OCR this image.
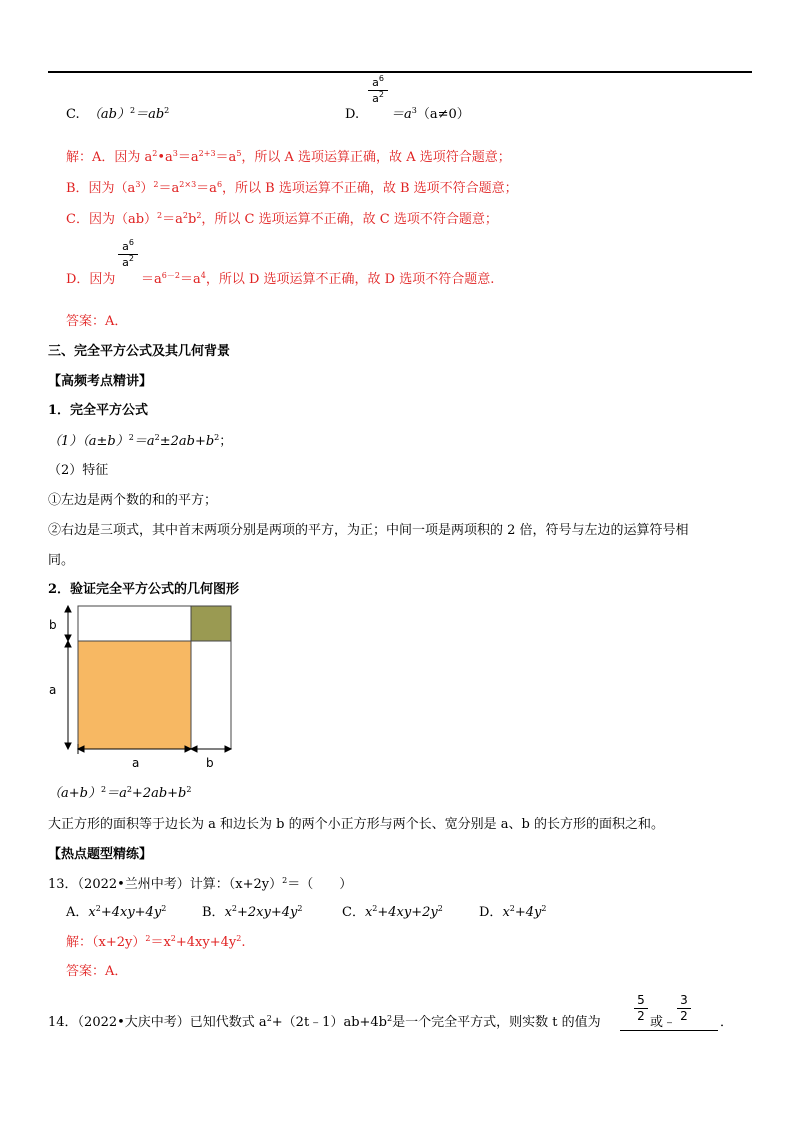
C. $(ab)^2=ab^2$	D.
$a^6$
$a^2$
$=a^3(a\ne 0)$
解：A．因为 $a^2•a^3=a^{2+3}=a^5$，所以 A 选项运算正确，故 A 选项符合题意；
B．因为$(a^3)^2=a^{2\times 3}=a^6$，所以 B 选项运算不正确，故 B 选项不符合题意；
C．因为$(ab)^2=a^2b^2$，所以 C 选项运算不正确，故 C 选项不符合题意；
D．因为
$a^6$
$a^2$
$=a^{6-2}=a^4$，所以 D 选项运算不正确，故 D 选项不符合题意.
答案：A．
三、完全平方公式及其几何背景
【高频考点精讲】
1．完全平方公式
$(1)(a\pm b)^2=a^2\pm 2ab+b^2$；
（2）特征
①左边是两个数的和的平方；
②右边是三项式，其中首末两项分别是两项的平方，为正；中间一项是两项积的 2 倍，符号与左边的运算符号相
同。
2．验证完全平方公式的几何图形
b
a
a	b
$(a+b)^2=a^2+2ab+b^2$
大正方形的面积等于边长为 a 和边长为 b 的两个小正方形与两个长、宽分别是 a、b 的长方形的面积之和。
【热点题型精练】
13．（2022•兰州中考）计算：$(x+2y)^2=$（　　）
A．$x^2+4xy+4y^2$	B．$x^2+2xy+4y^2$	C．$x^2+4xy+2y^2$	D．$x^2+4y^2$
解：$(x+2y)^2=x^2+4xy+4y^2$.
答案：A．
14．（2022•大庆中考）已知代数式 $a^2+(2t﹣1)ab+4b^2$是一个完全平方式，则实数 t 的值为
5
2 或﹣
3
2 ．
